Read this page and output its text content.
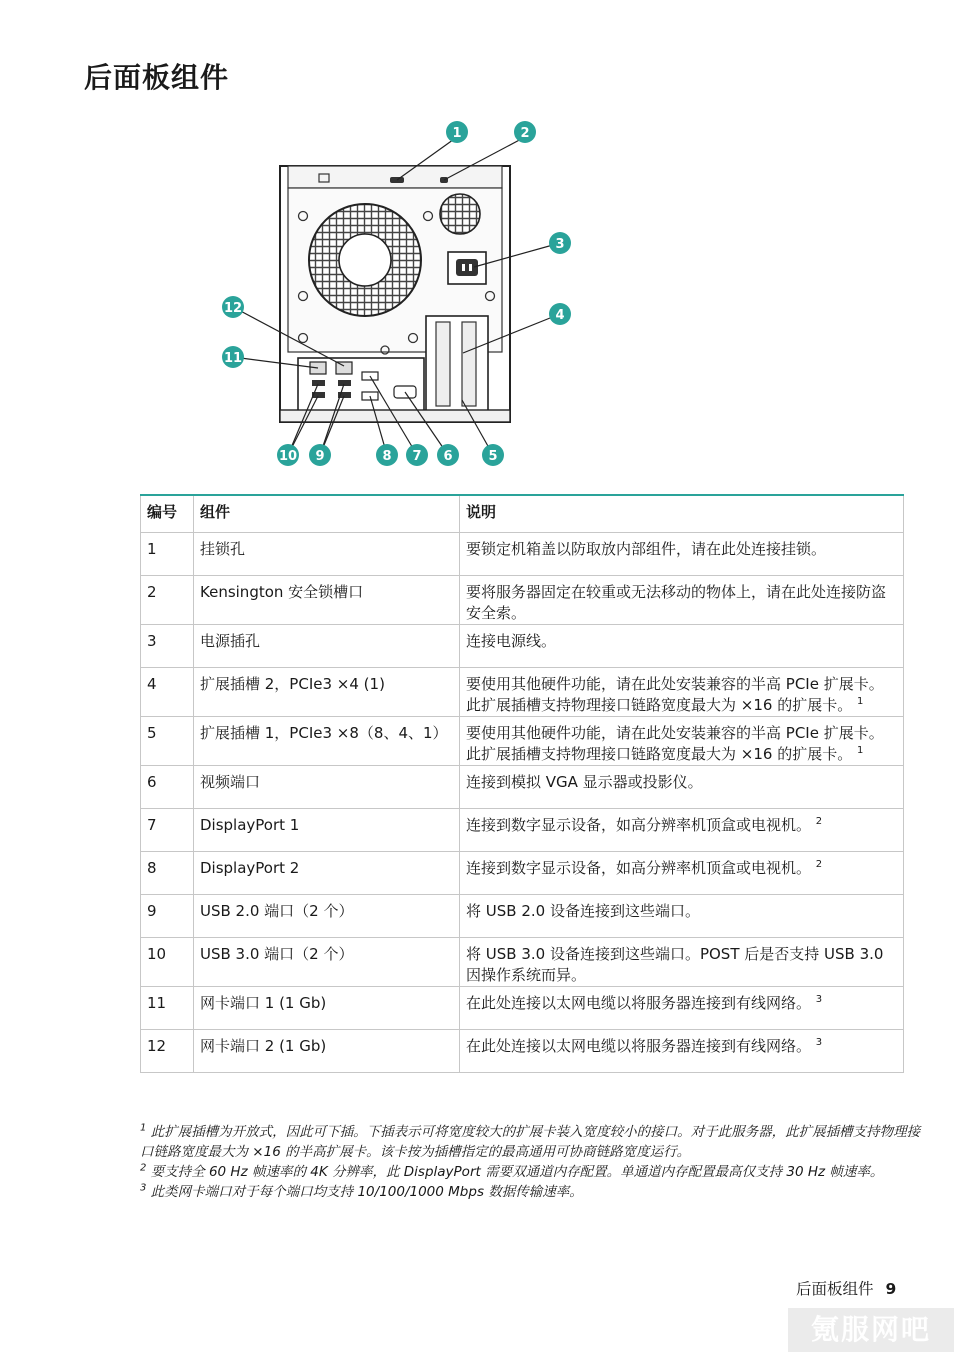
后面板组件
1	2
3
4
5
6
7
8
9
10
11
12
编号	组件	说明
1	挂锁孔	要锁定机箱盖以防取放内部组件，请在此处连接挂锁。
2	Kensington 安全锁槽口	要将服务器固定在较重或无法移动的物体上，请在此处连接防盗安全索。
3	电源插孔	连接电源线。
4	扩展插槽 2，PCIe3 ×4 (1)	要使用其他硬件功能，请在此处安装兼容的半高 PCIe 扩展卡。此扩展插槽支持物理接口链路宽度最大为 ×16 的扩展卡。 $^1$
5	扩展插槽 1，PCIe3 ×8（8、4、1）	要使用其他硬件功能，请在此处安装兼容的半高 PCIe 扩展卡。此扩展插槽支持物理接口链路宽度最大为 ×16 的扩展卡。 $^1$
6	视频端口	连接到模拟 VGA 显示器或投影仪。
7	DisplayPort 1	连接到数字显示设备，如高分辨率机顶盒或电视机。 $^2$
8	DisplayPort 2	连接到数字显示设备，如高分辨率机顶盒或电视机。 $^2$
9	USB 2.0 端口（2 个）	将 USB 2.0 设备连接到这些端口。
10	USB 3.0 端口（2 个）	将 USB 3.0 设备连接到这些端口。POST 后是否支持 USB 3.0 因操作系统而异。
11	网卡端口 1 (1 Gb)	在此处连接以太网电缆以将服务器连接到有线网络。 $^3$
12	网卡端口 2 (1 Gb)	在此处连接以太网电缆以将服务器连接到有线网络。 $^3$

$^1$ 此扩展插槽为开放式，因此可下插。下插表示可将宽度较大的扩展卡装入宽度较小的接口。对于此服务器，此扩展插槽支持物理接口链路宽度最大为 ×16 的半高扩展卡。该卡按为插槽指定的最高通用可协商链路宽度运行。

$^2$ 要支持全 60 Hz 帧速率的 4K 分辨率，此 DisplayPort 需要双通道内存配置。单通道内存配置最高仅支持 30 Hz 帧速率。

$^3$ 此类网卡端口对于每个端口均支持 10/100/1000 Mbps 数据传输速率。

后面板组件 9
氪服网吧
